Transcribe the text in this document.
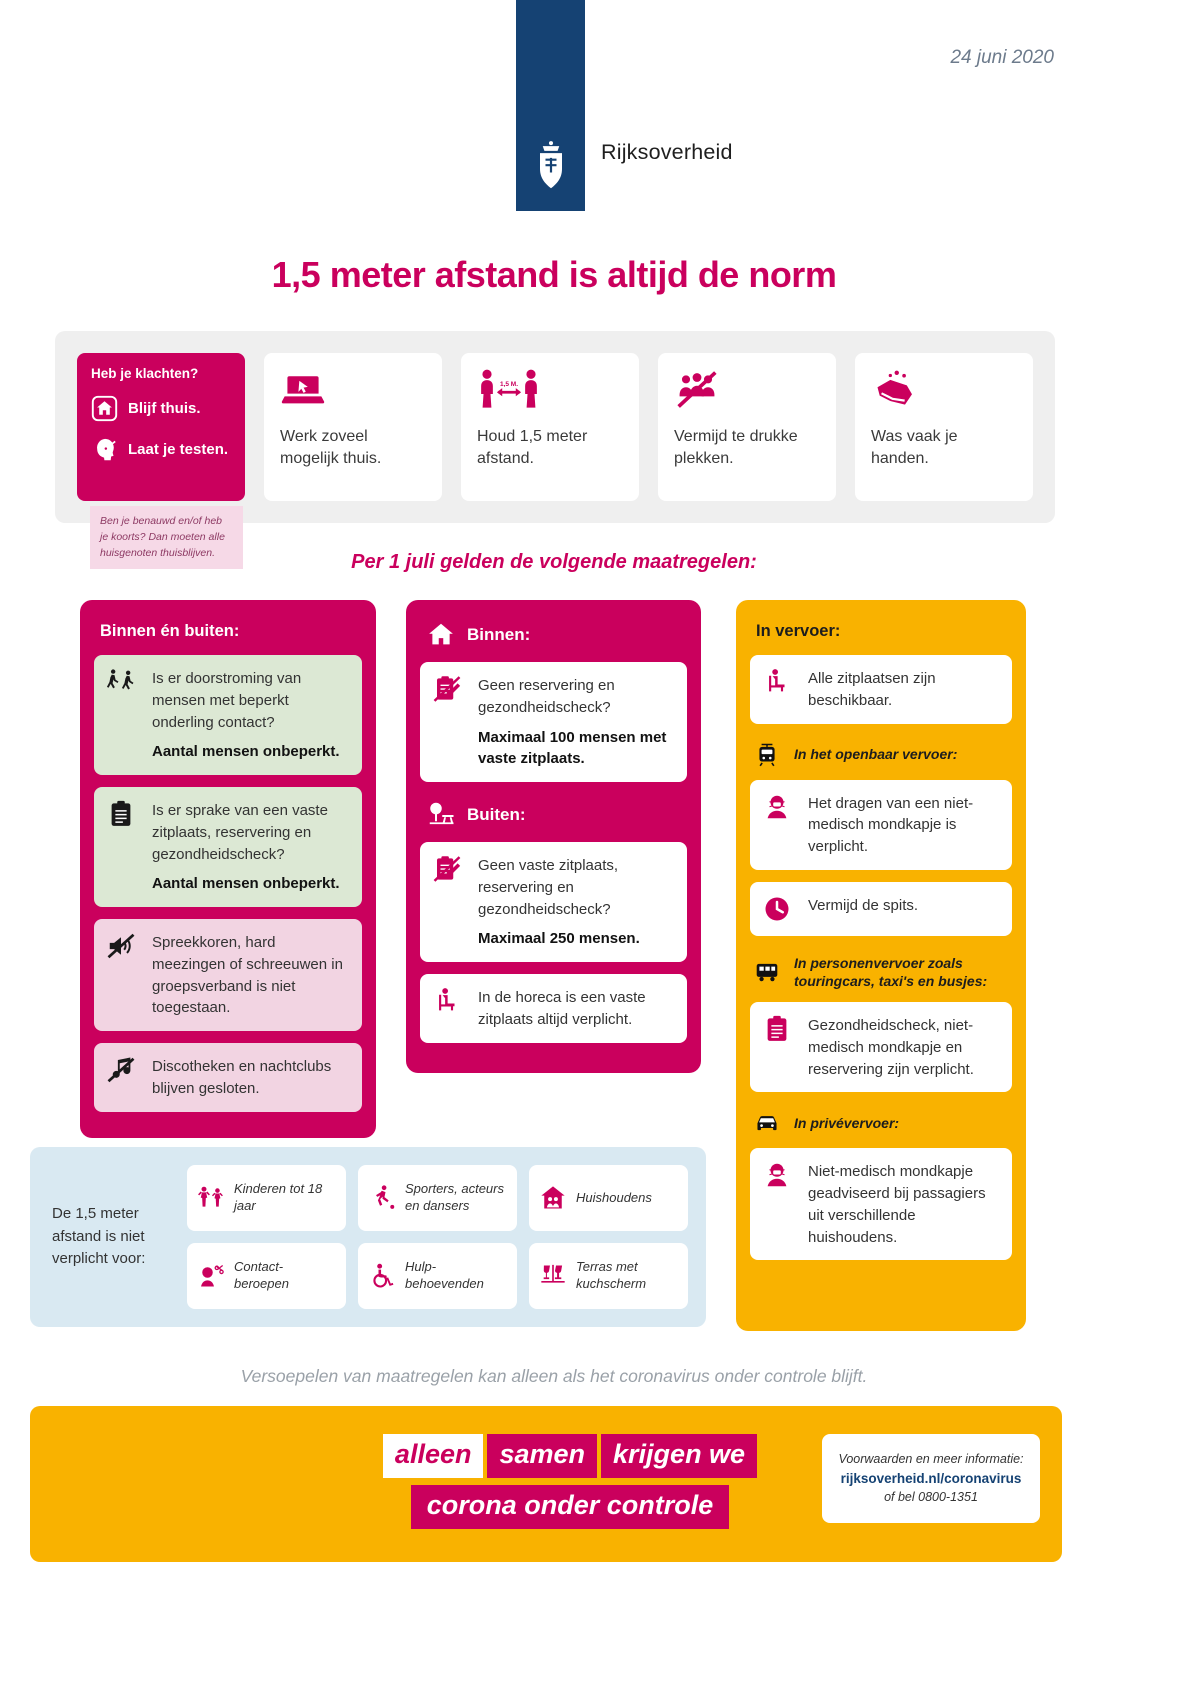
24 juni 2020
Rijksoverheid
1,5 meter afstand is altijd de norm
Heb je klachten?
Blijf thuis.
Laat je testen.
Werk zoveel mogelijk thuis.
1,5 M.
Houd 1,5 meter afstand.
Vermijd te drukke plekken.
Was vaak je handen.
Ben je benauwd en/of heb je koorts? Dan moeten alle huisgenoten thuisblijven.	Per 1 juli gelden de volgende maatregelen:
Binnen én buiten:
Is er doorstroming van mensen met beperkt onderling contact?
Aantal mensen onbeperkt.
Is er sprake van een vaste zitplaats, reservering en gezondheidscheck?
Aantal mensen onbeperkt.
Spreekkoren, hard meezingen of schreeuwen in groepsverband is niet toegestaan.
Discotheken en nachtclubs blijven gesloten.
Binnen:
Geen reservering en gezondheidscheck?
Maximaal 100 mensen met vaste zitplaats.
Buiten:
Geen vaste zitplaats, reservering en gezondheidscheck?
Maximaal 250 mensen.
In de horeca is een vaste zitplaats altijd verplicht.
In vervoer:
Alle zitplaatsen zijn beschikbaar.
In het openbaar vervoer:
Het dragen van een niet-medisch mondkapje is verplicht.
Vermijd de spits.
In personenvervoer zoals touringcars, taxi's en busjes:
Gezondheidscheck, niet-medisch mondkapje en reservering zijn verplicht.
In privévervoer:
Niet-medisch mondkapje geadviseerd bij passagiers uit verschillende huishoudens.
De 1,5 meter afstand is niet verplicht voor:
Kinderen tot 18 jaar
Sporters, acteurs en dansers
Huishoudens
Contact-beroepen
Hulp-behoevenden
Terras met kuchscherm

Versoepelen van maatregelen kan alleen als het coronavirus onder controle blijft.

alleen	samen	krijgen we
corona onder controle
Voorwaarden en meer informatie:
rijksoverheid.nl/coronavirus
of bel 0800-1351
